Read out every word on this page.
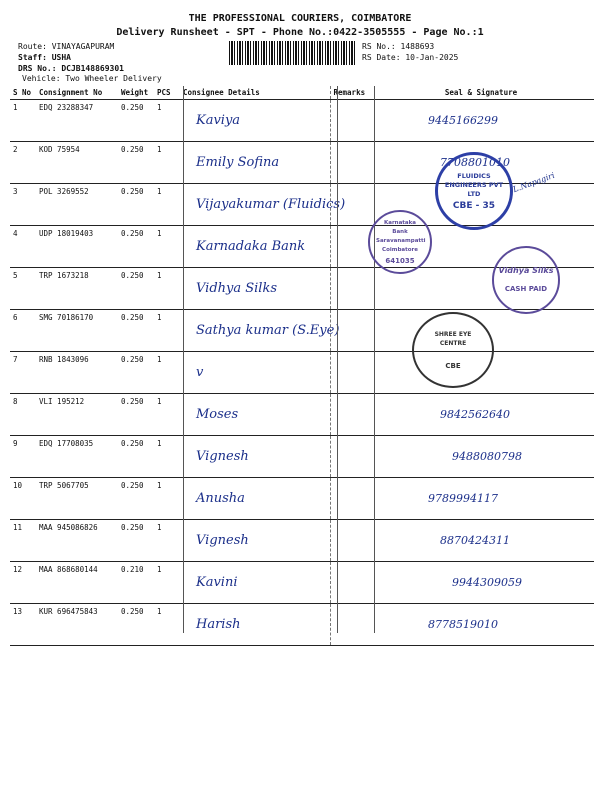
THE PROFESSIONAL COURIERS, COIMBATORE
Delivery Runsheet - SPT - Phone No.:0422-3505555 - Page No.:1
Route: VINAYAGAPURAM
Staff: USHA
DRS No.: DCJB148869301
Vehicle: Two Wheeler Delivery
RS No.: 1488693
RS Date: 10-Jan-2025
S No	Consignment No	Weight	PCS	Consignee Details	Remarks	Seal & Signature
1	EDQ 23288347	0.250	1	Kaviya		9445166299
2	KOD 75954	0.250	1	Emily Sofina		7708801010
3	POL 3269552	0.250	1	Vijayakumar (Fluidics)		
4	UDP 18019403	0.250	1	Karnadaka Bank		
5	TRP 1673218	0.250	1	Vidhya Silks		
6	SMG 70186170	0.250	1	Sathya kumar (S.Eye)		
7	RNB 1843096	0.250	1	v		
8	VLI 195212	0.250	1	Moses		9842562640
9	EDQ 17708035	0.250	1	Vignesh		9488080798
10	TRP 5067705	0.250	1	Anusha		9789994117
11	MAA 945086826	0.250	1	Vignesh		8870424311
12	MAA 868680144	0.210	1	Kavini		9944309059
13	KUR 696475843	0.250	1	Harish		8778519010
FLUIDICS ENGINEERS PVT LTD
CBE - 35
Karnataka Bank Saravanampatti Coimbatore
641035
Vidhya Silks
CASH PAID
SHREE EYE CENTRE
CBE
L.Napagiri
